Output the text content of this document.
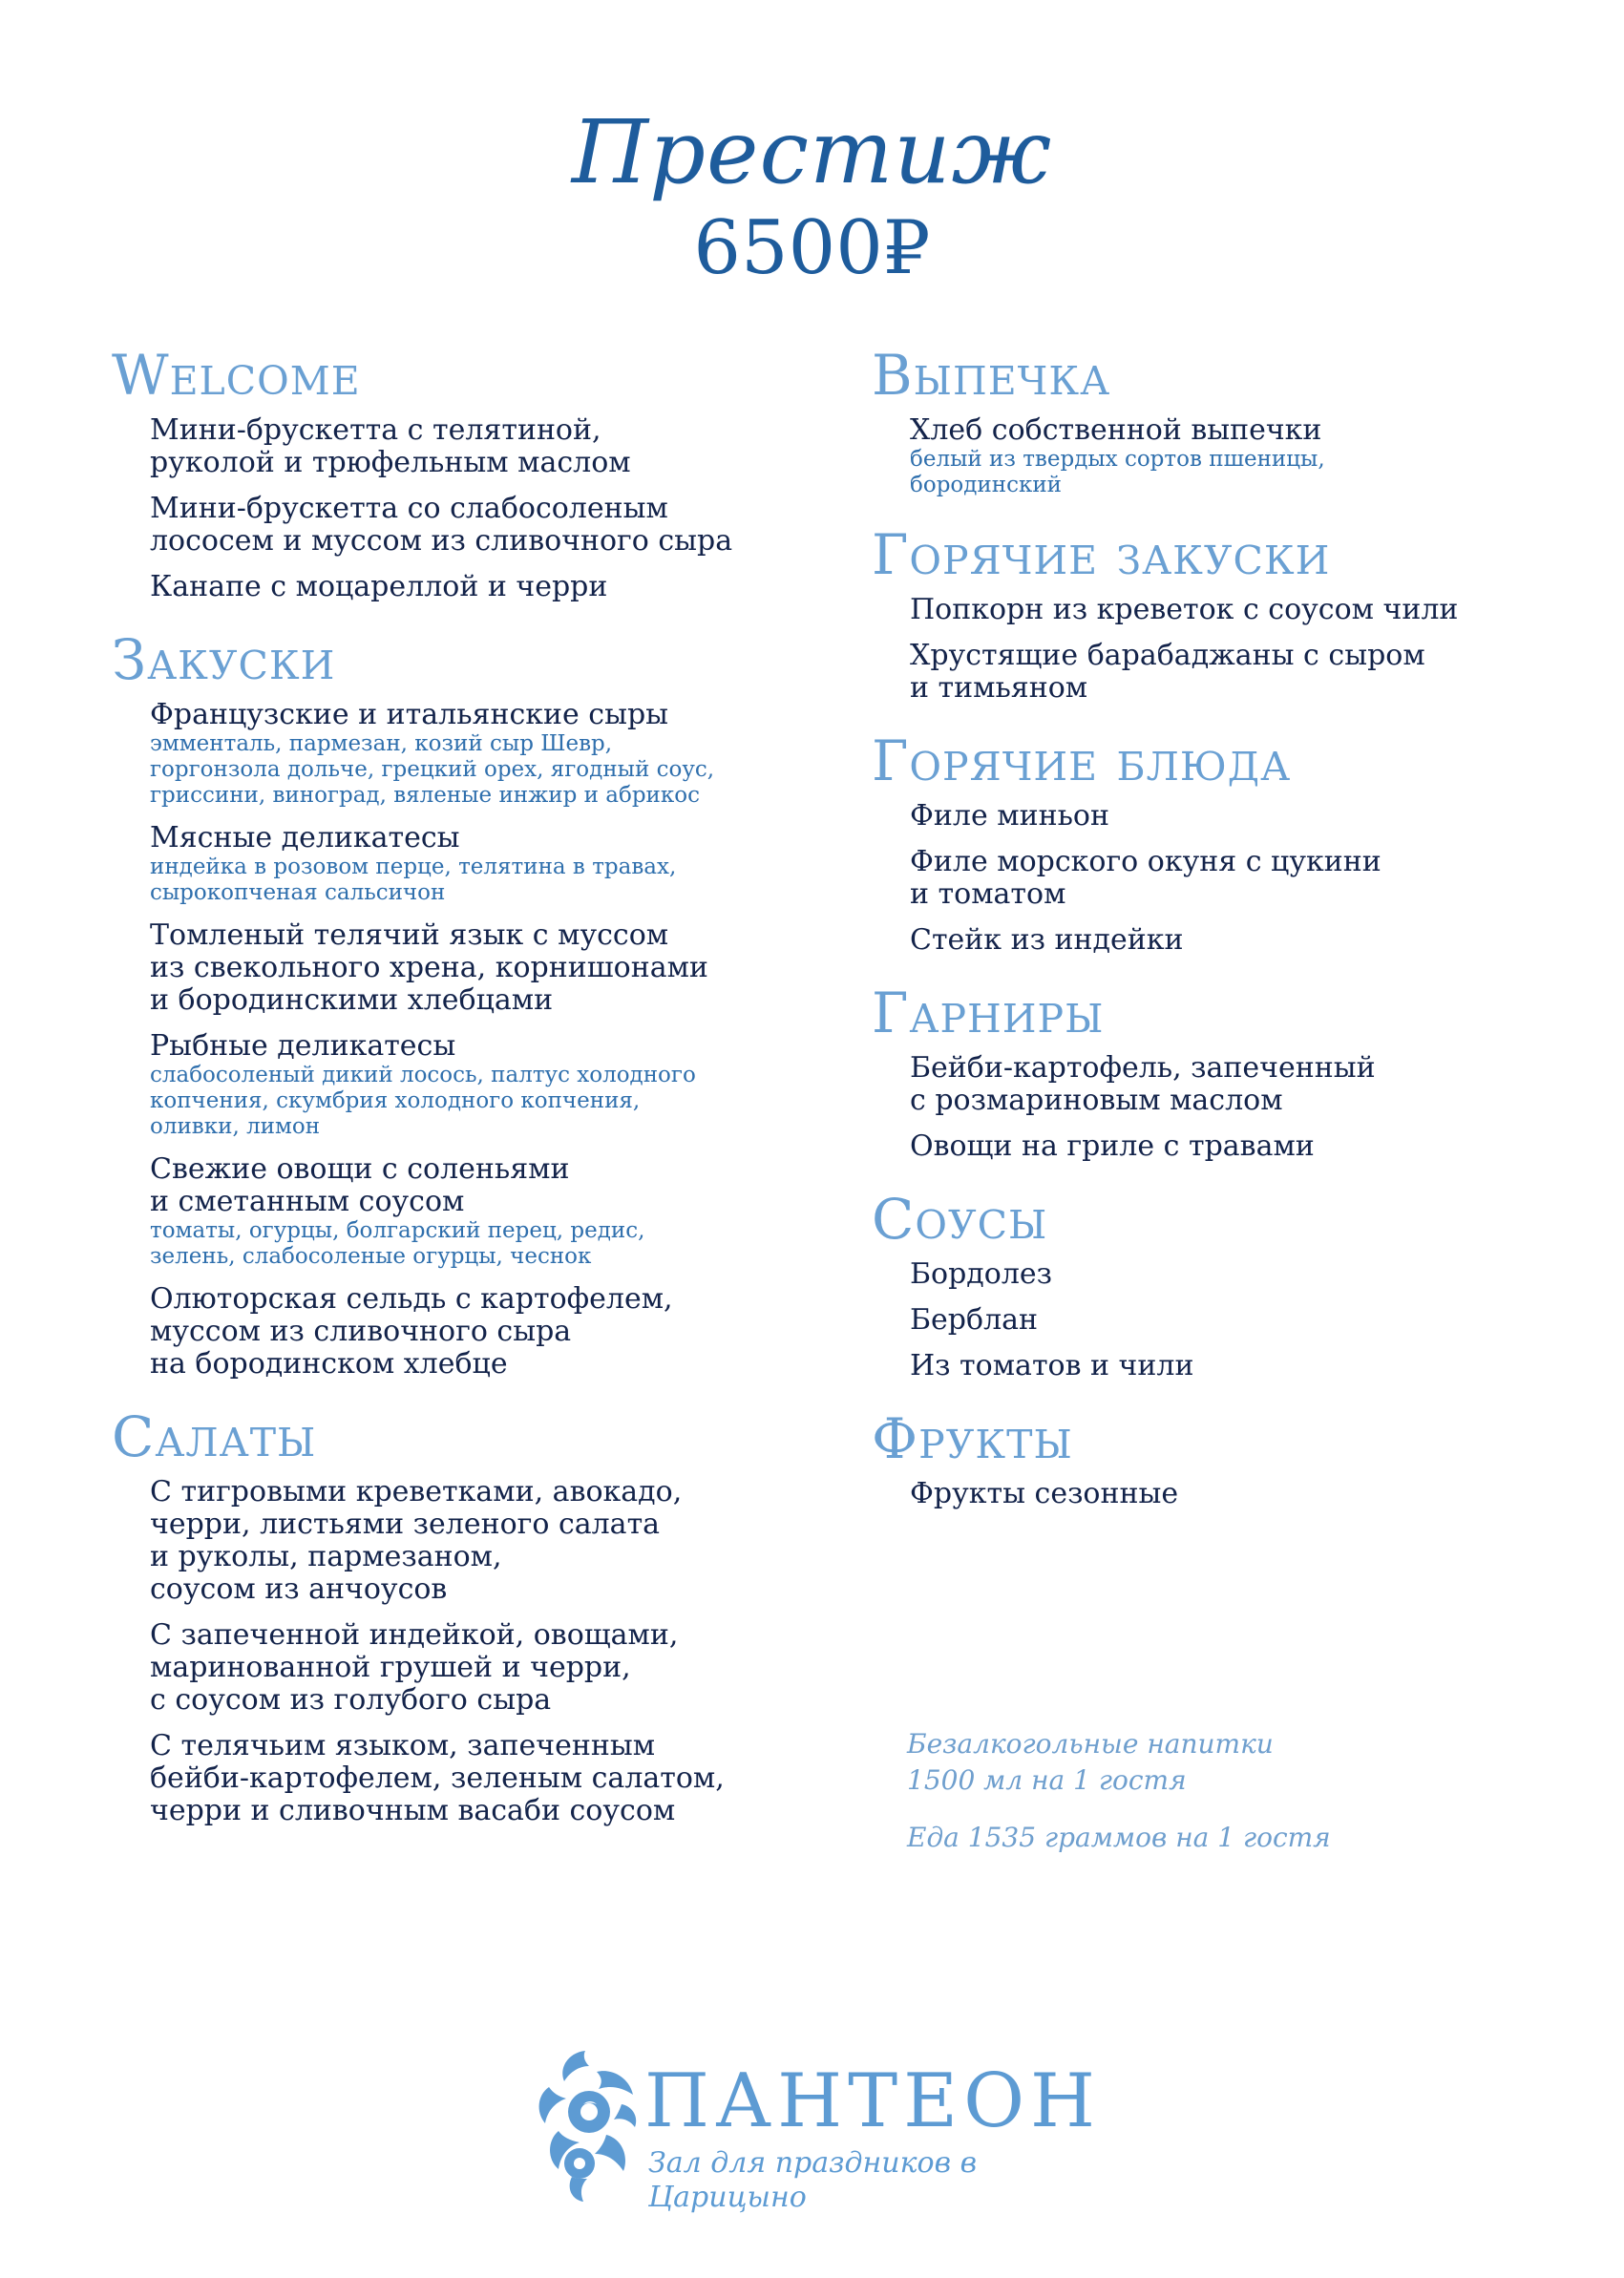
Престиж
6500₽
Welcome
Мини-брускетта с телятиной,
руколой и трюфельным маслом
Мини-брускетта со слабосоленым
лососем и муссом из сливочного сыра
Канапе с моцареллой и черри
Закуски
Французские и итальянские сыры
эмменталь, пармезан, козий сыр Шевр,
горгонзола дольче, грецкий орех, ягодный соус,
гриссини, виноград, вяленые инжир и абрикос
Мясные деликатесы
индейка в розовом перце, телятина в травах,
сырокопченая сальсичон
Томленый телячий язык с муссом
из свекольного хрена, корнишонами
и бородинскими хлебцами
Рыбные деликатесы
слабосоленый дикий лосось, палтус холодного
копчения, скумбрия холодного копчения,
оливки, лимон
Свежие овощи с соленьями
и сметанным соусом
томаты, огурцы, болгарский перец, редис,
зелень, слабосоленые огурцы, чеснок
Олюторская сельдь с картофелем,
муссом из сливочного сыра
на бородинском хлебце
Салаты
С тигровыми креветками, авокадо,
черри, листьями зеленого салата
и руколы, пармезаном,
соусом из анчоусов
С запеченной индейкой, овощами,
маринованной грушей и черри,
с соусом из голубого сыра
С телячьим языком, запеченным
бейби-картофелем, зеленым салатом,
черри и сливочным васаби соусом
Выпечка
Хлеб собственной выпечки
белый из твердых сортов пшеницы,
бородинский
Горячие закуски
Попкорн из креветок с соусом чили
Хрустящие барабаджаны с сыром
и тимьяном
Горячие блюда
Филе миньон
Филе морского окуня с цукини
и томатом
Стейк из индейки
Гарниры
Бейби-картофель, запеченный
с розмариновым маслом
Овощи на гриле с травами
Соусы
Бордолез
Берблан
Из томатов и чили
Фрукты
Фрукты сезонные
Безалкогольные напитки
1500 мл на 1 гостя
Еда 1535 граммов на 1 гостя
ПАНТЕОН
Зал для праздников в Царицыно
